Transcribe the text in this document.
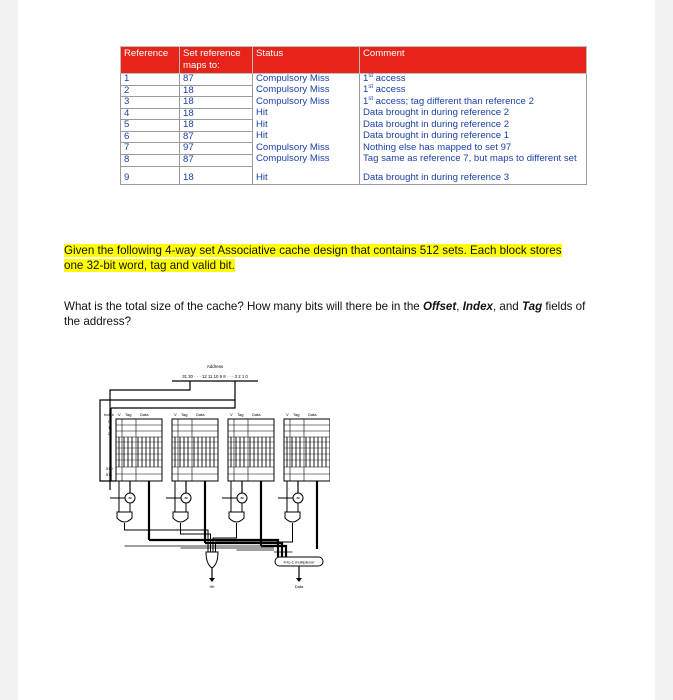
Reference	Set reference maps to:	Status	Comment
1	87	Compulsory Miss	1st access
2	18	Compulsory Miss	1st access
3	18	Compulsory Miss	1st access; tag different than reference 2
4	18	Hit	Data brought in during reference 2
5	18	Hit	Data brought in during reference 2
6	87	Hit	Data brought in during reference 1
7	97	Compulsory Miss	Nothing else has mapped to set 97
8	87	Compulsory Miss	Tag same as reference 7, but maps to different set
9	18	Hit	Data brought in during reference 3
Given the following 4-way set Associative cache design that contains 512 sets. Each block stores one 32-bit word, tag and valid bit.
What is the total size of the cache? How many bits will there be in the Offset, Index, and Tag fields of the address?
Address
31 30 · · · 12 11 10 9 8 · · · 3 2 1 0
V Tag Data
=
V Tag Data
=
V Tag Data
=
V Tag Data
=
Index
0
1
2
510
511
4-to-1 multiplexor
Data
Hit
